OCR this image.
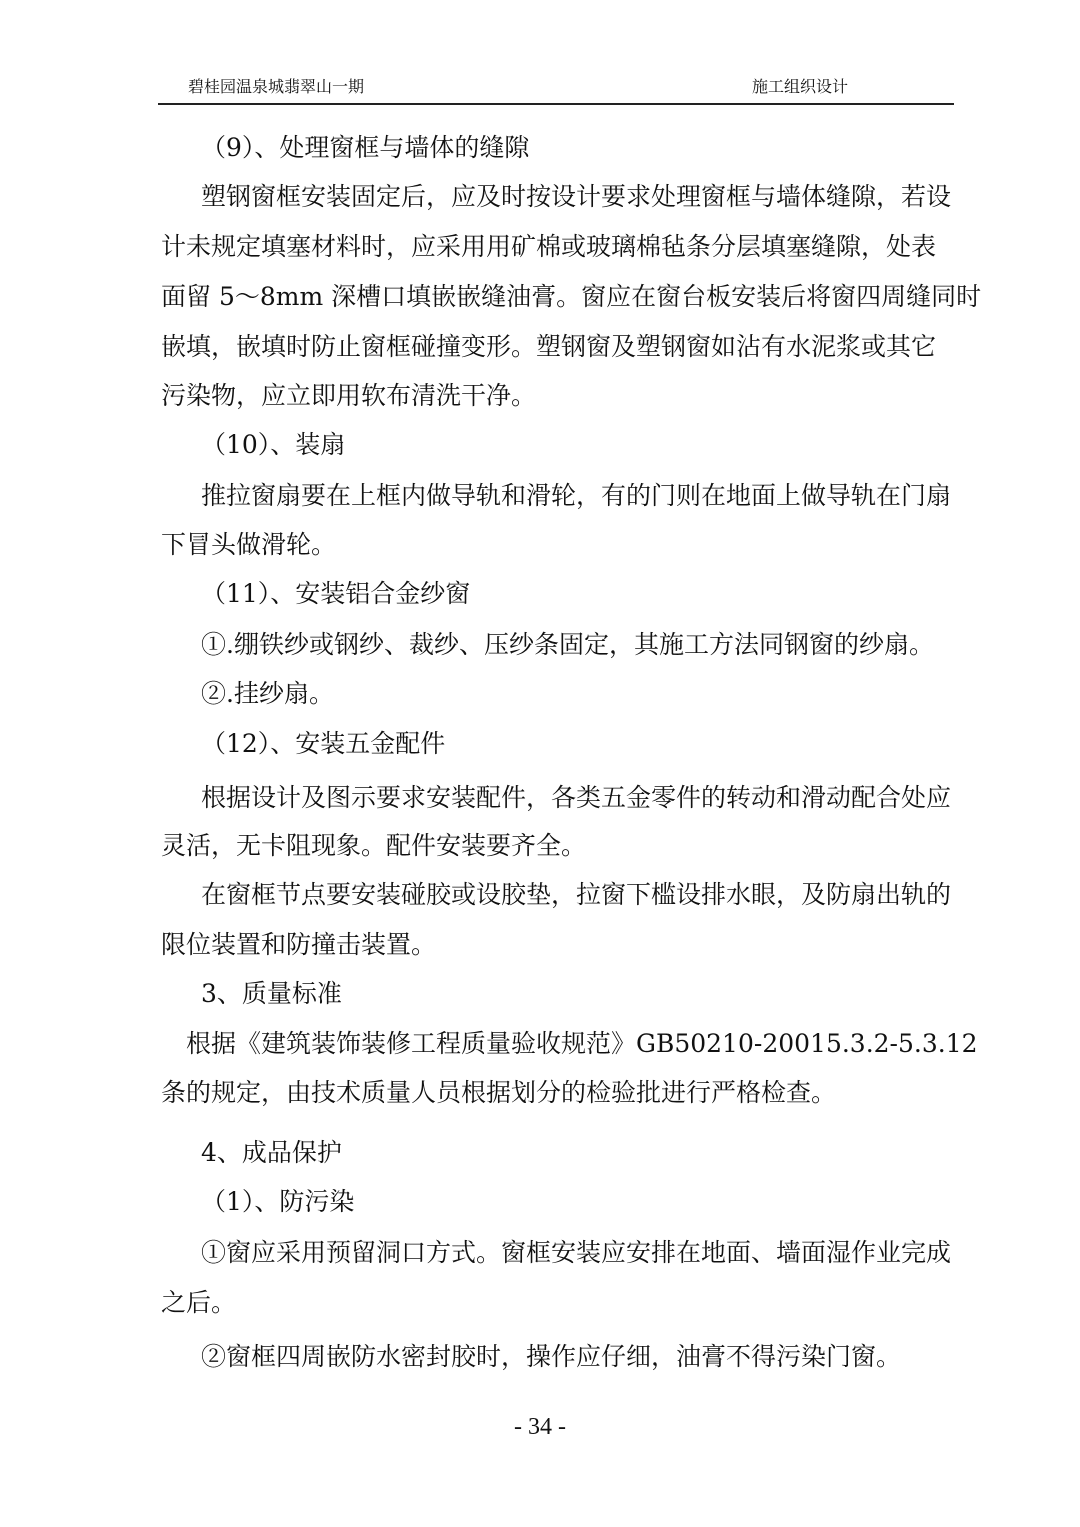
碧桂园温泉城翡翠山一期	施工组织设计
（9）、处理窗框与墙体的缝隙
塑钢窗框安装固定后，应及时按设计要求处理窗框与墙体缝隙，若设
计未规定填塞材料时，应采用用矿棉或玻璃棉毡条分层填塞缝隙，处表
面留 5～8mm 深槽口填嵌嵌缝油膏。窗应在窗台板安装后将窗四周缝同时
嵌填，嵌填时防止窗框碰撞变形。塑钢窗及塑钢窗如沾有水泥浆或其它
污染物，应立即用软布清洗干净。
（10）、装扇
推拉窗扇要在上框内做导轨和滑轮，有的门则在地面上做导轨在门扇
下冒头做滑轮。
（11）、安装铝合金纱窗
①.绷铁纱或钢纱、裁纱、压纱条固定，其施工方法同钢窗的纱扇。
②.挂纱扇。
（12）、安装五金配件
根据设计及图示要求安装配件，各类五金零件的转动和滑动配合处应
灵活，无卡阻现象。配件安装要齐全。
在窗框节点要安装碰胶或设胶垫，拉窗下槛设排水眼，及防扇出轨的
限位装置和防撞击装置。
3、质量标准
根据《建筑装饰装修工程质量验收规范》GB50210-20015.3.2-5.3.12
条的规定，由技术质量人员根据划分的检验批进行严格检查。
4、成品保护
（1）、防污染
①窗应采用预留洞口方式。窗框安装应安排在地面、墙面湿作业完成
之后。
②窗框四周嵌防水密封胶时，操作应仔细，油膏不得污染门窗。
- 34 -
